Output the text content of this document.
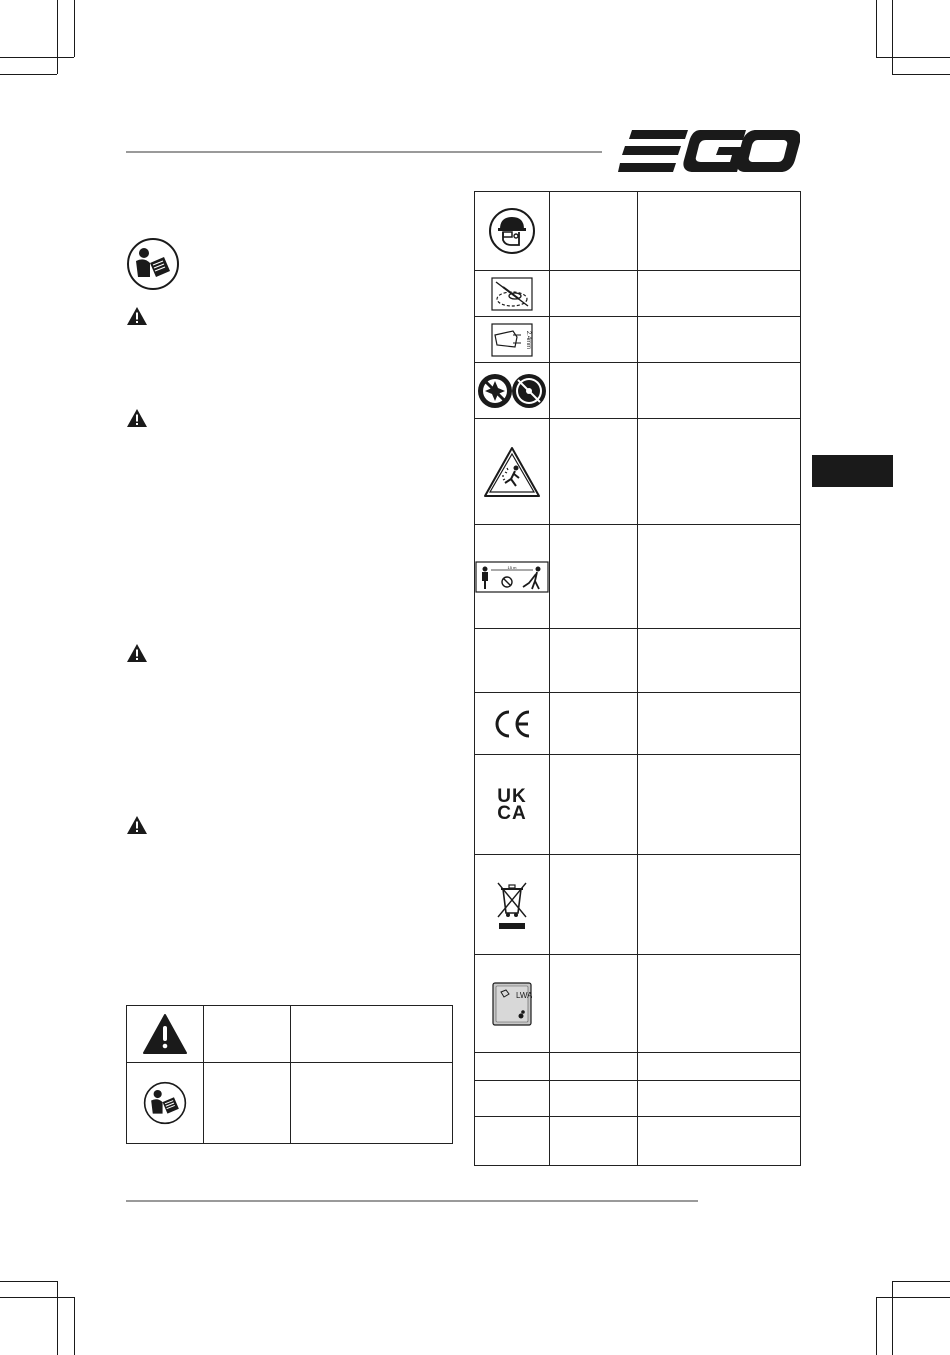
2.4mm		

15 m		

UK
CA		

LWA		
